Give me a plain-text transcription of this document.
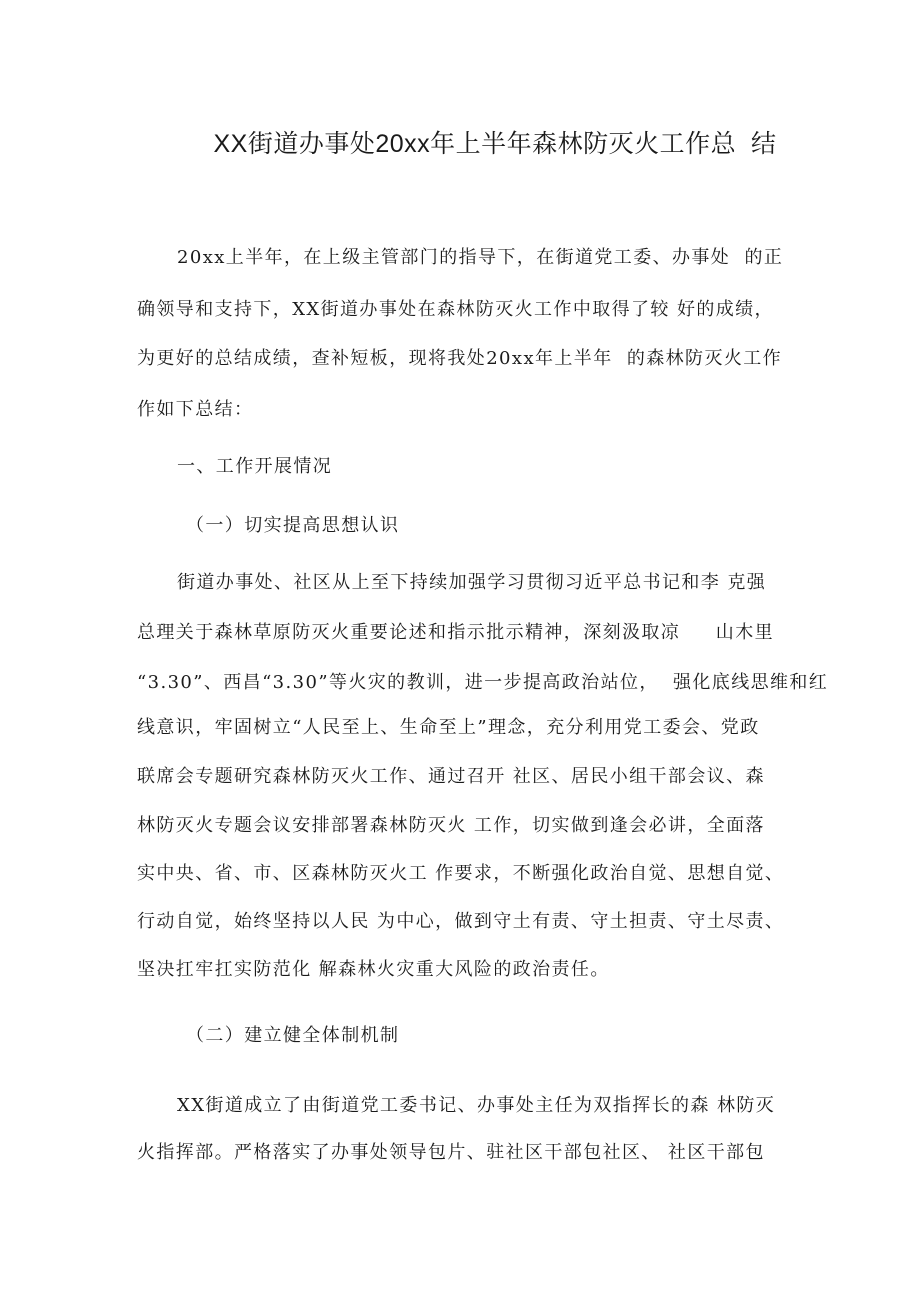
XX街道办事处20xx年上半年森林防灭火工作总  结
20xx上半年，在上级主管部门的指导下，在街道党工委、办事处  的正
确领导和支持下，XX街道办事处在森林防灭火工作中取得了较 好的成绩，
为更好的总结成绩，查补短板，现将我处20xx年上半年  的森林防灭火工作
作如下总结：
一、工作开展情况
（一）切实提高思想认识
街道办事处、社区从上至下持续加强学习贯彻习近平总书记和李 克强
总理关于森林草原防灭火重要论述和指示批示精神，深刻汲取凉     山木里
“3.30”、西昌“3.30”等火灾的教训，进一步提高政治站位，  强化底线思维和红
线意识，牢固树立“人民至上、生命至上”理念，充分利用党工委会、党政
联席会专题研究森林防灭火工作、通过召开 社区、居民小组干部会议、森
林防灭火专题会议安排部署森林防灭火 工作，切实做到逢会必讲，全面落
实中央、省、市、区森林防灭火工 作要求，不断强化政治自觉、思想自觉、
行动自觉，始终坚持以人民 为中心，做到守土有责、守土担责、守土尽责、
坚决扛牢扛实防范化 解森林火灾重大风险的政治责任。
（二）建立健全体制机制
XX街道成立了由街道党工委书记、办事处主任为双指挥长的森 林防灭
火指挥部。严格落实了办事处领导包片、驻社区干部包社区、 社区干部包
